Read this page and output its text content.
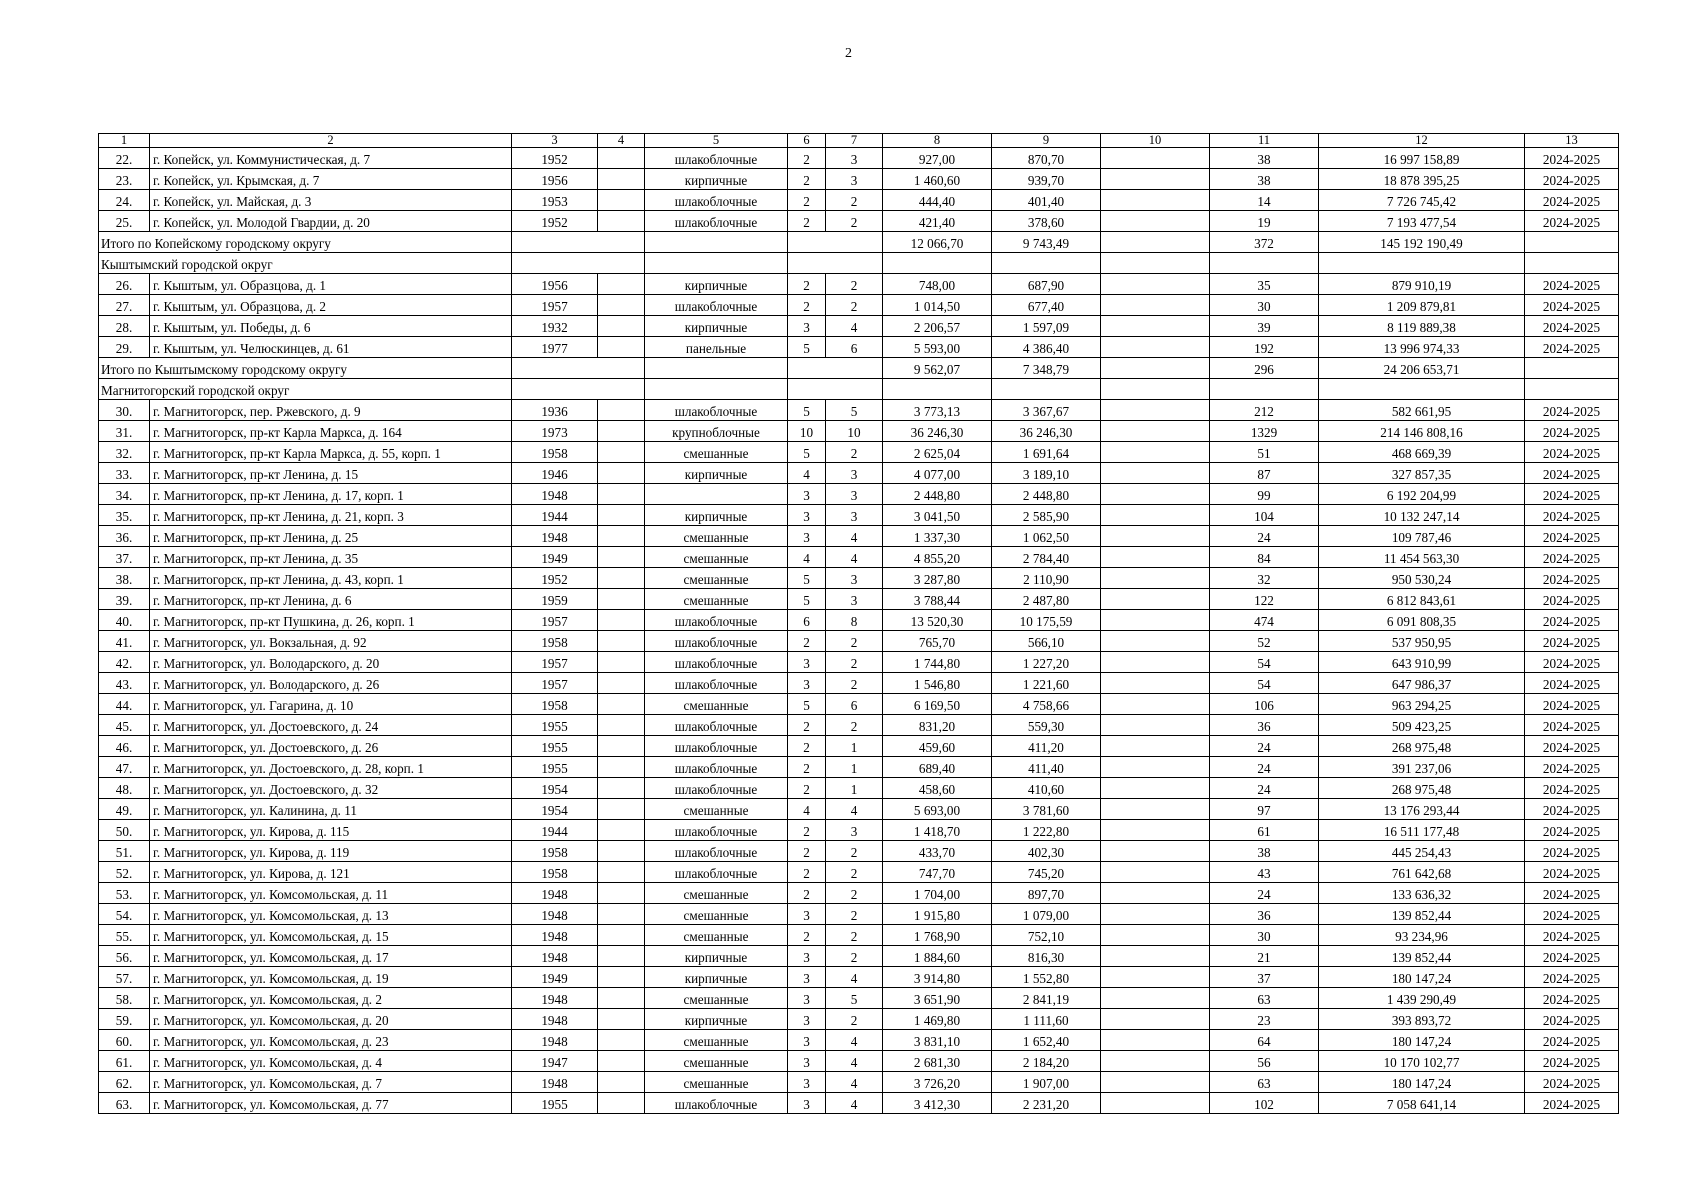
2
1	2	3	4	5	6	7	8	9	10	11	12	13
22.	г. Копейск, ул. Коммунистическая, д. 7	1952		шлакоблочные	2	3	927,00	870,70		38	16 997 158,89	2024-2025
23.	г. Копейск, ул. Крымская, д. 7	1956		кирпичные	2	3	1 460,60	939,70		38	18 878 395,25	2024-2025
24.	г. Копейск, ул. Майская, д. 3	1953		шлакоблочные	2	2	444,40	401,40		14	7 726 745,42	2024-2025
25.	г. Копейск, ул. Молодой Гвардии, д. 20	1952		шлакоблочные	2	2	421,40	378,60		19	7 193 477,54	2024-2025
Итого по Копейскому городскому округу							12 066,70	9 743,49		372	145 192 190,49	
Кыштымский городской округ												
26.	г. Кыштым, ул. Образцова, д. 1	1956		кирпичные	2	2	748,00	687,90		35	879 910,19	2024-2025
27.	г. Кыштым, ул. Образцова, д. 2	1957		шлакоблочные	2	2	1 014,50	677,40		30	1 209 879,81	2024-2025
28.	г. Кыштым, ул. Победы, д. 6	1932		кирпичные	3	4	2 206,57	1 597,09		39	8 119 889,38	2024-2025
29.	г. Кыштым, ул. Челюскинцев, д. 61	1977		панельные	5	6	5 593,00	4 386,40		192	13 996 974,33	2024-2025
Итого по Кыштымскому городскому округу							9 562,07	7 348,79		296	24 206 653,71	
Магнитогорский городской округ												
30.	г. Магнитогорск, пер. Ржевского, д. 9	1936		шлакоблочные	5	5	3 773,13	3 367,67		212	582 661,95	2024-2025
31.	г. Магнитогорск, пр-кт Карла Маркса, д. 164	1973		крупноблочные	10	10	36 246,30	36 246,30		1329	214 146 808,16	2024-2025
32.	г. Магнитогорск, пр-кт Карла Маркса, д. 55, корп. 1	1958		смешанные	5	2	2 625,04	1 691,64		51	468 669,39	2024-2025
33.	г. Магнитогорск, пр-кт Ленина, д. 15	1946		кирпичные	4	3	4 077,00	3 189,10		87	327 857,35	2024-2025
34.	г. Магнитогорск, пр-кт Ленина, д. 17, корп. 1	1948			3	3	2 448,80	2 448,80		99	6 192 204,99	2024-2025
35.	г. Магнитогорск, пр-кт Ленина, д. 21, корп. 3	1944		кирпичные	3	3	3 041,50	2 585,90		104	10 132 247,14	2024-2025
36.	г. Магнитогорск, пр-кт Ленина, д. 25	1948		смешанные	3	4	1 337,30	1 062,50		24	109 787,46	2024-2025
37.	г. Магнитогорск, пр-кт Ленина, д. 35	1949		смешанные	4	4	4 855,20	2 784,40		84	11 454 563,30	2024-2025
38.	г. Магнитогорск, пр-кт Ленина, д. 43, корп. 1	1952		смешанные	5	3	3 287,80	2 110,90		32	950 530,24	2024-2025
39.	г. Магнитогорск, пр-кт Ленина, д. 6	1959		смешанные	5	3	3 788,44	2 487,80		122	6 812 843,61	2024-2025
40.	г. Магнитогорск, пр-кт Пушкина, д. 26, корп. 1	1957		шлакоблочные	6	8	13 520,30	10 175,59		474	6 091 808,35	2024-2025
41.	г. Магнитогорск, ул. Вокзальная, д. 92	1958		шлакоблочные	2	2	765,70	566,10		52	537 950,95	2024-2025
42.	г. Магнитогорск, ул. Володарского, д. 20	1957		шлакоблочные	3	2	1 744,80	1 227,20		54	643 910,99	2024-2025
43.	г. Магнитогорск, ул. Володарского, д. 26	1957		шлакоблочные	3	2	1 546,80	1 221,60		54	647 986,37	2024-2025
44.	г. Магнитогорск, ул. Гагарина, д. 10	1958		смешанные	5	6	6 169,50	4 758,66		106	963 294,25	2024-2025
45.	г. Магнитогорск, ул. Достоевского, д. 24	1955		шлакоблочные	2	2	831,20	559,30		36	509 423,25	2024-2025
46.	г. Магнитогорск, ул. Достоевского, д. 26	1955		шлакоблочные	2	1	459,60	411,20		24	268 975,48	2024-2025
47.	г. Магнитогорск, ул. Достоевского, д. 28, корп. 1	1955		шлакоблочные	2	1	689,40	411,40		24	391 237,06	2024-2025
48.	г. Магнитогорск, ул. Достоевского, д. 32	1954		шлакоблочные	2	1	458,60	410,60		24	268 975,48	2024-2025
49.	г. Магнитогорск, ул. Калинина, д. 11	1954		смешанные	4	4	5 693,00	3 781,60		97	13 176 293,44	2024-2025
50.	г. Магнитогорск, ул. Кирова, д. 115	1944		шлакоблочные	2	3	1 418,70	1 222,80		61	16 511 177,48	2024-2025
51.	г. Магнитогорск, ул. Кирова, д. 119	1958		шлакоблочные	2	2	433,70	402,30		38	445 254,43	2024-2025
52.	г. Магнитогорск, ул. Кирова, д. 121	1958		шлакоблочные	2	2	747,70	745,20		43	761 642,68	2024-2025
53.	г. Магнитогорск, ул. Комсомольская, д. 11	1948		смешанные	2	2	1 704,00	897,70		24	133 636,32	2024-2025
54.	г. Магнитогорск, ул. Комсомольская, д. 13	1948		смешанные	3	2	1 915,80	1 079,00		36	139 852,44	2024-2025
55.	г. Магнитогорск, ул. Комсомольская, д. 15	1948		смешанные	2	2	1 768,90	752,10		30	93 234,96	2024-2025
56.	г. Магнитогорск, ул. Комсомольская, д. 17	1948		кирпичные	3	2	1 884,60	816,30		21	139 852,44	2024-2025
57.	г. Магнитогорск, ул. Комсомольская, д. 19	1949		кирпичные	3	4	3 914,80	1 552,80		37	180 147,24	2024-2025
58.	г. Магнитогорск, ул. Комсомольская, д. 2	1948		смешанные	3	5	3 651,90	2 841,19		63	1 439 290,49	2024-2025
59.	г. Магнитогорск, ул. Комсомольская, д. 20	1948		кирпичные	3	2	1 469,80	1 111,60		23	393 893,72	2024-2025
60.	г. Магнитогорск, ул. Комсомольская, д. 23	1948		смешанные	3	4	3 831,10	1 652,40		64	180 147,24	2024-2025
61.	г. Магнитогорск, ул. Комсомольская, д. 4	1947		смешанные	3	4	2 681,30	2 184,20		56	10 170 102,77	2024-2025
62.	г. Магнитогорск, ул. Комсомольская, д. 7	1948		смешанные	3	4	3 726,20	1 907,00		63	180 147,24	2024-2025
63.	г. Магнитогорск, ул. Комсомольская, д. 77	1955		шлакоблочные	3	4	3 412,30	2 231,20		102	7 058 641,14	2024-2025
